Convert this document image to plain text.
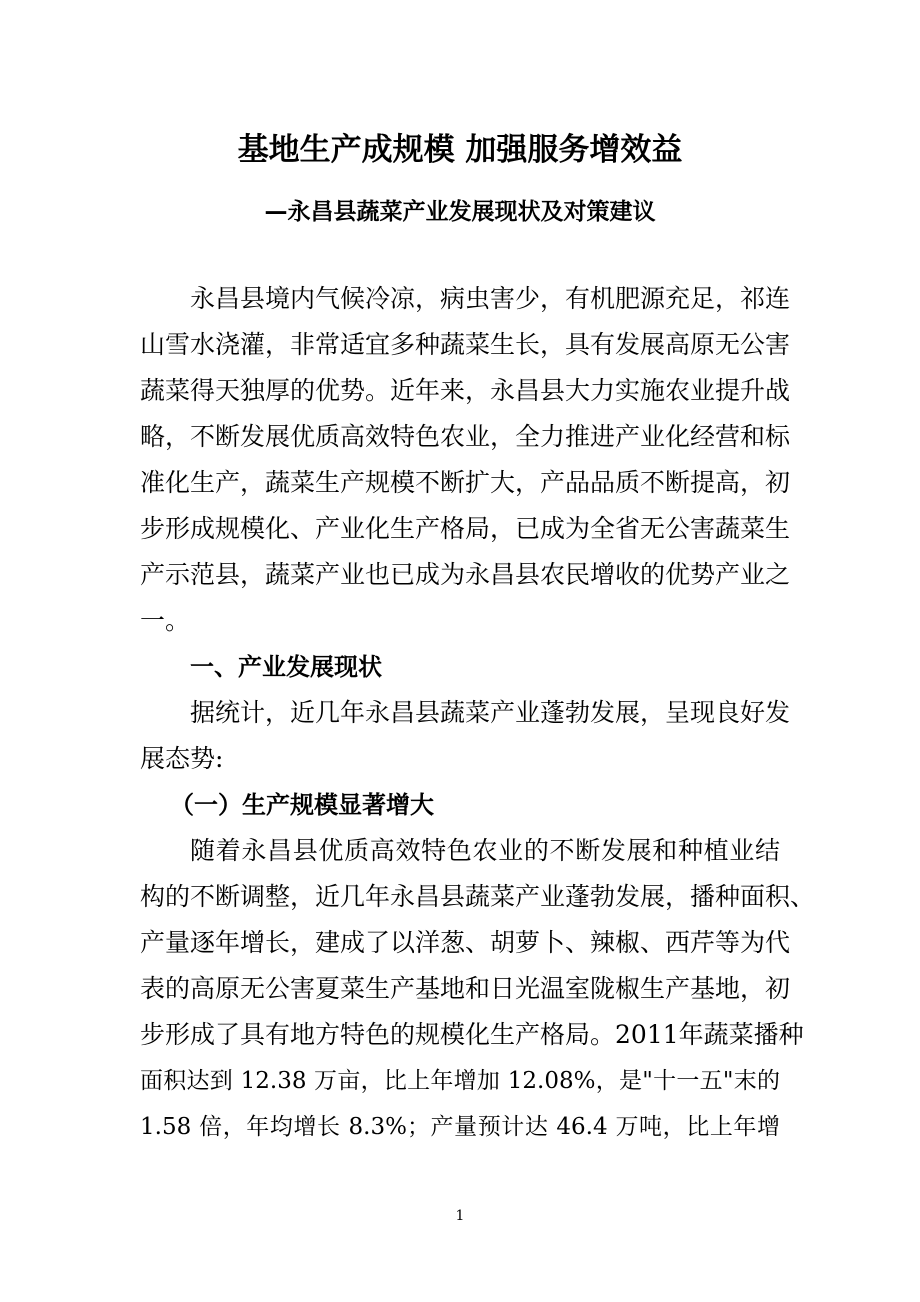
基地生产成规模 加强服务增效益
—永昌县蔬菜产业发展现状及对策建议
永昌县境内气候冷凉，病虫害少，有机肥源充足，祁连
山雪水浇灌，非常适宜多种蔬菜生长，具有发展高原无公害
蔬菜得天独厚的优势。近年来，永昌县大力实施农业提升战
略，不断发展优质高效特色农业，全力推进产业化经营和标
准化生产，蔬菜生产规模不断扩大，产品品质不断提高，初
步形成规模化、产业化生产格局，已成为全省无公害蔬菜生
产示范县，蔬菜产业也已成为永昌县农民增收的优势产业之
一。
一、产业发展现状
据统计，近几年永昌县蔬菜产业蓬勃发展，呈现良好发
展态势:
（一）生产规模显著增大
随着永昌县优质高效特色农业的不断发展和种植业结
构的不断调整，近几年永昌县蔬菜产业蓬勃发展，播种面积、
产量逐年增长，建成了以洋葱、胡萝卜、辣椒、西芹等为代
表的高原无公害夏菜生产基地和日光温室陇椒生产基地，初
步形成了具有地方特色的规模化生产格局。2011年蔬菜播种
面积达到 12.38 万亩，比上年增加 12.08%，是"十一五"末的
1.58 倍，年均增长 8.3%；产量预计达 46.4 万吨，比上年增
1
